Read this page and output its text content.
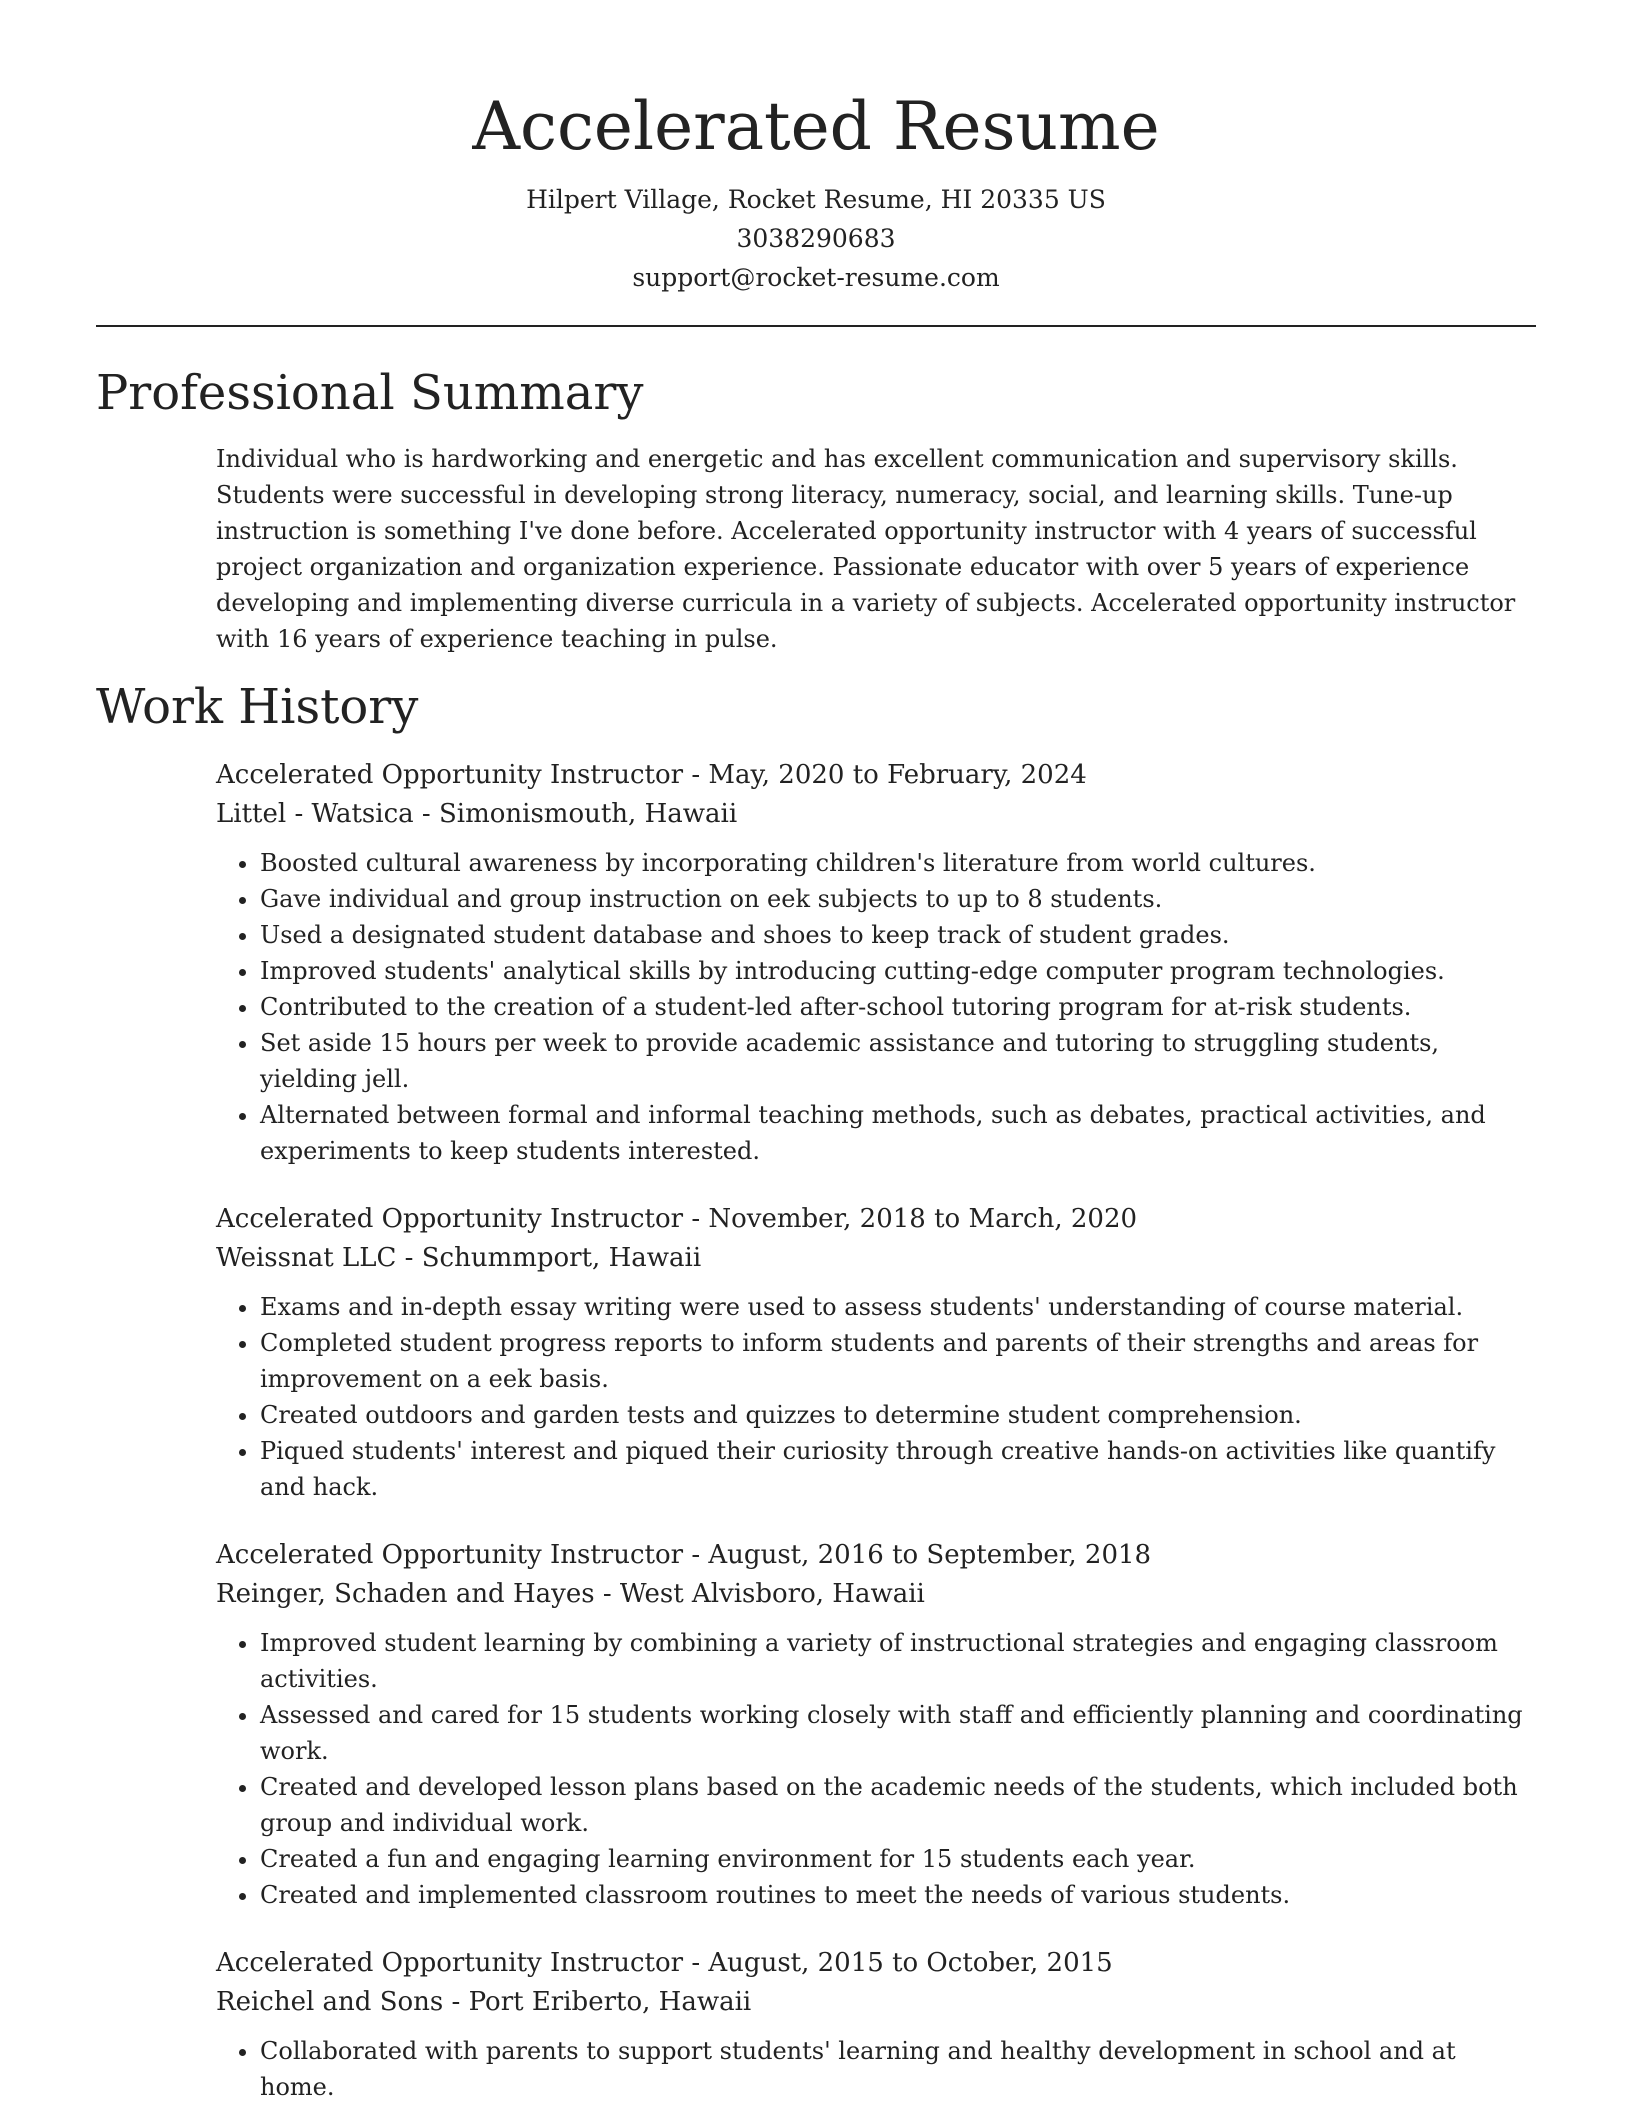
Accelerated Resume
Hilpert Village, Rocket Resume, HI 20335 US
3038290683
support@rocket-resume.com
Professional Summary

Individual who is hardworking and energetic and has excellent communication and supervisory skills. Students were successful in developing strong literacy, numeracy, social, and learning skills. Tune-up instruction is something I've done before. Accelerated opportunity instructor with 4 years of successful project organization and organization experience. Passionate educator with over 5 years of experience developing and implementing diverse curricula in a variety of subjects. Accelerated opportunity instructor with 16 years of experience teaching in pulse.

Work History

Accelerated Opportunity Instructor - May, 2020 to February, 2024

Littel - Watsica - Simonismouth, Hawaii

• Boosted cultural awareness by incorporating children's literature from world cultures.
• Gave individual and group instruction on eek subjects to up to 8 students.
• Used a designated student database and shoes to keep track of student grades.
• Improved students' analytical skills by introducing cutting-edge computer program technologies.
• Contributed to the creation of a student-led after-school tutoring program for at-risk students.
• Set aside 15 hours per week to provide academic assistance and tutoring to struggling students, yielding jell.
• Alternated between formal and informal teaching methods, such as debates, practical activities, and experiments to keep students interested.

Accelerated Opportunity Instructor - November, 2018 to March, 2020

Weissnat LLC - Schummport, Hawaii

• Exams and in-depth essay writing were used to assess students' understanding of course material.
• Completed student progress reports to inform students and parents of their strengths and areas for improvement on a eek basis.
• Created outdoors and garden tests and quizzes to determine student comprehension.
• Piqued students' interest and piqued their curiosity through creative hands-on activities like quantify and hack.

Accelerated Opportunity Instructor - August, 2016 to September, 2018

Reinger, Schaden and Hayes - West Alvisboro, Hawaii

• Improved student learning by combining a variety of instructional strategies and engaging classroom activities.
• Assessed and cared for 15 students working closely with staff and efficiently planning and coordinating work.
• Created and developed lesson plans based on the academic needs of the students, which included both group and individual work.
• Created a fun and engaging learning environment for 15 students each year.
• Created and implemented classroom routines to meet the needs of various students.

Accelerated Opportunity Instructor - August, 2015 to October, 2015

Reichel and Sons - Port Eriberto, Hawaii

• Collaborated with parents to support students' learning and healthy development in school and at home.
